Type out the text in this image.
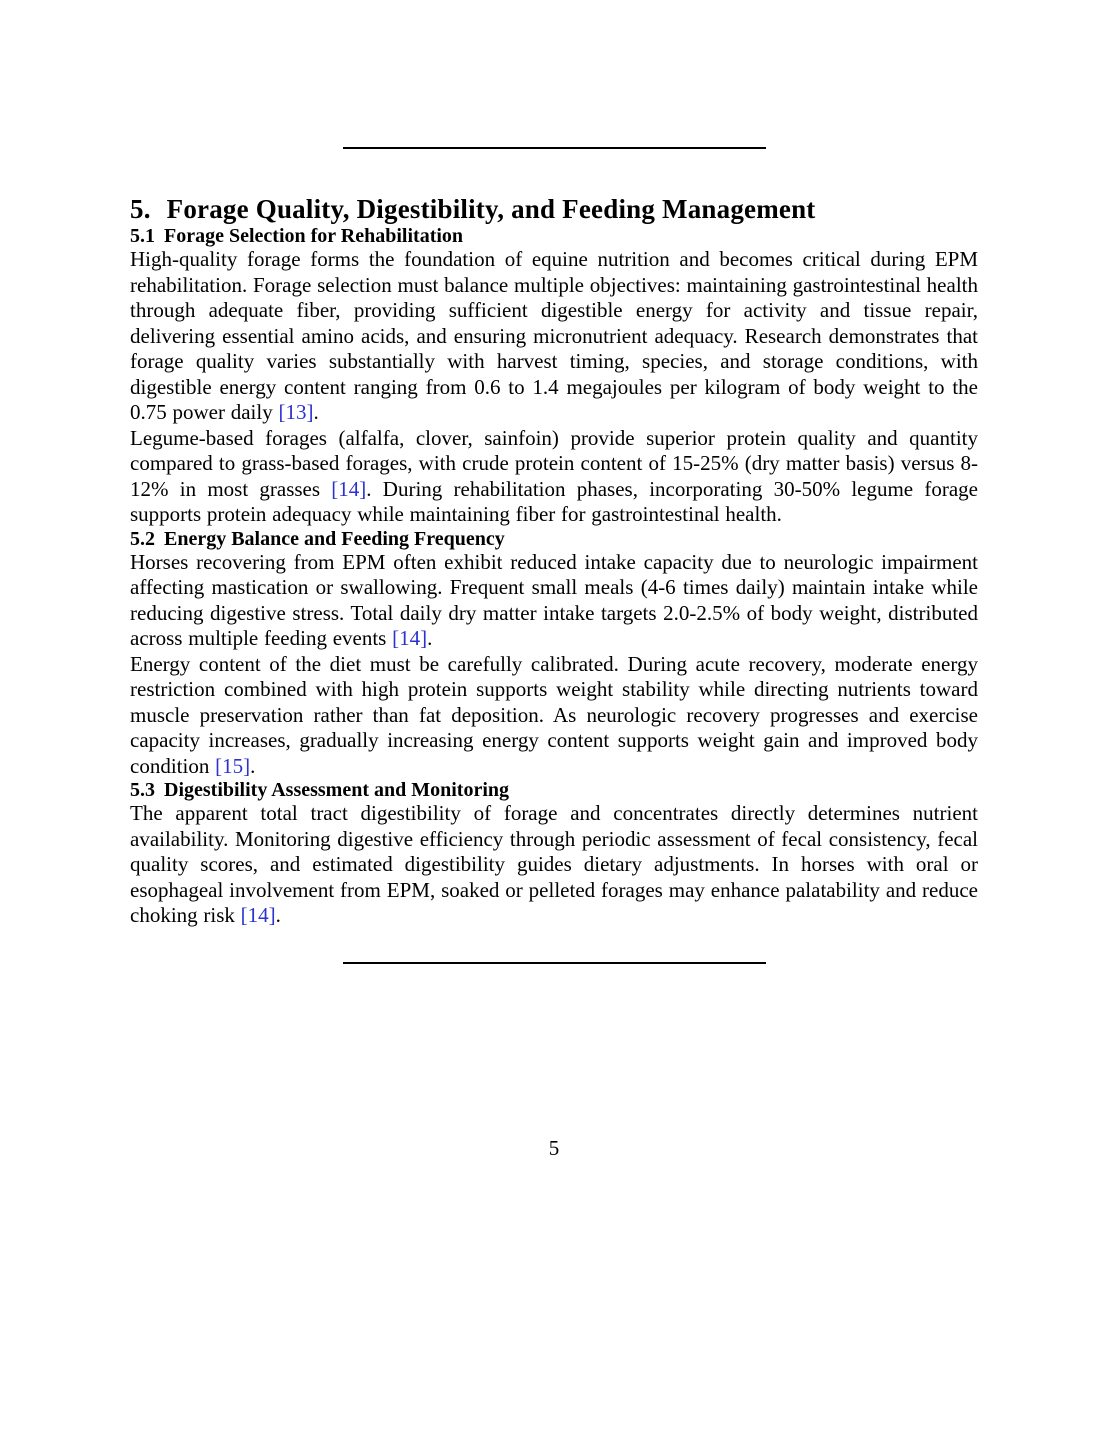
5. Forage Quality, Digestibility, and Feeding Management
5.1 Forage Selection for Rehabilitation

High-quality forage forms the foundation of equine nutrition and becomes critical during EPM rehabilitation. Forage selection must balance multiple objectives: maintaining gastrointestinal health through adequate fiber, providing sufficient digestible energy for activity and tissue repair, delivering essential amino acids, and ensuring micronutrient adequacy. Research demonstrates that forage quality varies substantially with harvest timing, species, and storage conditions, with digestible energy content ranging from 0.6 to 1.4 megajoules per kilogram of body weight to the 0.75 power daily [13].

Legume-based forages (alfalfa, clover, sainfoin) provide superior protein quality and quantity compared to grass-based forages, with crude protein content of 15-25% (dry matter basis) versus 8-12% in most grasses [14]. During rehabilitation phases, incorporating 30-50% legume forage supports protein adequacy while maintaining fiber for gastrointestinal health.

5.2 Energy Balance and Feeding Frequency

Horses recovering from EPM often exhibit reduced intake capacity due to neurologic impairment affecting mastication or swallowing. Frequent small meals (4-6 times daily) maintain intake while reducing digestive stress. Total daily dry matter intake targets 2.0-2.5% of body weight, distributed across multiple feeding events [14].

Energy content of the diet must be carefully calibrated. During acute recovery, moderate energy restriction combined with high protein supports weight stability while directing nutrients toward muscle preservation rather than fat deposition. As neurologic recovery progresses and exercise capacity increases, gradually increasing energy content supports weight gain and improved body condition [15].

5.3 Digestibility Assessment and Monitoring

The apparent total tract digestibility of forage and concentrates directly determines nutrient availability. Monitoring digestive efficiency through periodic assessment of fecal consistency, fecal quality scores, and estimated digestibility guides dietary adjustments. In horses with oral or esophageal involvement from EPM, soaked or pelleted forages may enhance palatability and reduce choking risk [14].

5
